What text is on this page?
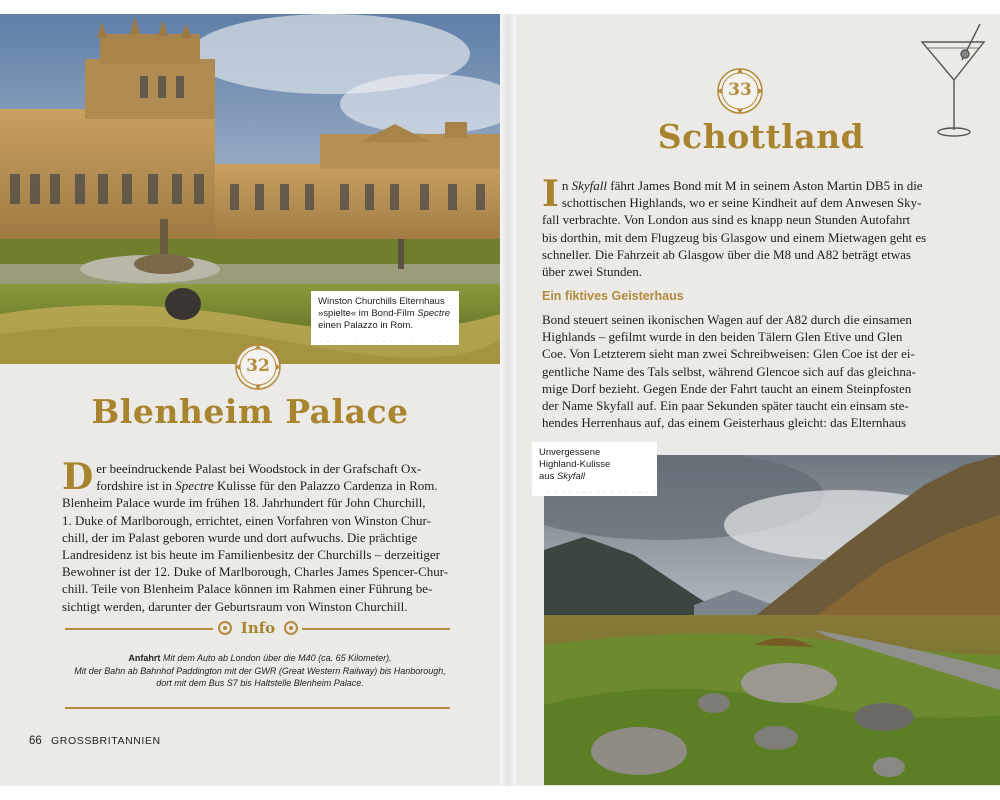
Winston Churchills Elternhaus
»spielte« im Bond-Film Spectre
einen Palazzo in Rom.
32
Blenheim Palace

Der beeindruckende Palast bei Woodstock in der Grafschaft Ox-
fordshire ist in Spectre Kulisse für den Palazzo Cardenza in Rom.
Blenheim Palace wurde im frühen 18. Jahrhundert für John Churchill,
1. Duke of Marlborough, errichtet, einen Vorfahren von Winston Chur-
chill, der im Palast geboren wurde und dort aufwuchs. Die prächtige
Landresidenz ist bis heute im Familienbesitz der Churchills – derzeitiger
Bewohner ist der 12. Duke of Marlborough, Charles James Spencer-Chur-
chill. Teile von Blenheim Palace können im Rahmen einer Führung be-
sichtigt werden, darunter der Geburtsraum von Winston Churchill.

Info
Anfahrt Mit dem Auto ab London über die M40 (ca. 65 Kilometer).
Mit der Bahn ab Bahnhof Paddington mit der GWR (Great Western Railway) bis Hanborough,
dort mit dem Bus S7 bis Haltstelle Blenheim Palace.
66 GROSSBRITANNIEN
33
Schottland

In Skyfall fährt James Bond mit M in seinem Aston Martin DB5 in die
schottischen Highlands, wo er seine Kindheit auf dem Anwesen Sky-
fall verbrachte. Von London aus sind es knapp neun Stunden Autofahrt
bis dorthin, mit dem Flugzeug bis Glasgow und einem Mietwagen geht es
schneller. Die Fahrzeit ab Glasgow über die M8 und A82 beträgt etwas
über zwei Stunden.

Ein fiktives Geisterhaus

Bond steuert seinen ikonischen Wagen auf der A82 durch die einsamen
Highlands – gefilmt wurde in den beiden Tälern Glen Etive und Glen
Coe. Von Letzterem sieht man zwei Schreibweisen: Glen Coe ist der ei-
gentliche Name des Tals selbst, während Glencoe sich auf das gleichna-
mige Dorf bezieht. Gegen Ende der Fahrt taucht an einem Steinpfosten
der Name Skyfall auf. Ein paar Sekunden später taucht ein einsam ste-
hendes Herrenhaus auf, das einem Geisterhaus gleicht: das Elternhaus

Unvergessene
Highland-Kulisse
aus Skyfall
